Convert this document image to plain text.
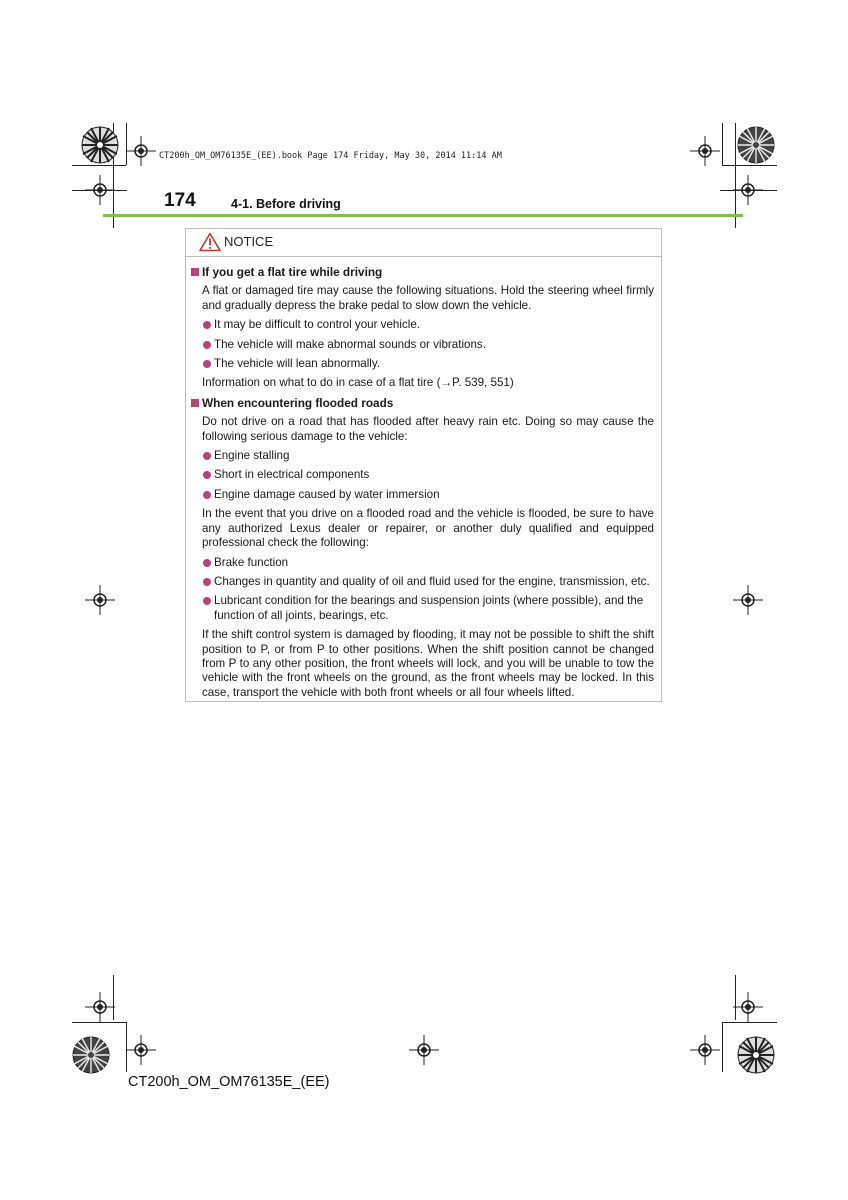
CT200h_OM_OM76135E_(EE).book Page 174 Friday, May 30, 2014 11:14 AM
174	4-1. Before driving
NOTICE
If you get a flat tire while driving
A flat or damaged tire may cause the following situations. Hold the steering wheel firmly and gradually depress the brake pedal to slow down the vehicle.
It may be difficult to control your vehicle.
The vehicle will make abnormal sounds or vibrations.
The vehicle will lean abnormally.
Information on what to do in case of a flat tire (→P. 539, 551)
When encountering flooded roads
Do not drive on a road that has flooded after heavy rain etc. Doing so may cause the following serious damage to the vehicle:
Engine stalling
Short in electrical components
Engine damage caused by water immersion
In the event that you drive on a flooded road and the vehicle is flooded, be sure to have any authorized Lexus dealer or repairer, or another duly qualified and equipped professional check the following:
Brake function
Changes in quantity and quality of oil and fluid used for the engine, transmission, etc.
Lubricant condition for the bearings and suspension joints (where possible), and the function of all joints, bearings, etc.
If the shift control system is damaged by flooding, it may not be possible to shift the shift position to P, or from P to other positions. When the shift position cannot be changed from P to any other position, the front wheels will lock, and you will be unable to tow the vehicle with the front wheels on the ground, as the front wheels may be locked. In this case, transport the vehicle with both front wheels or all four wheels lifted.
CT200h_OM_OM76135E_(EE)
